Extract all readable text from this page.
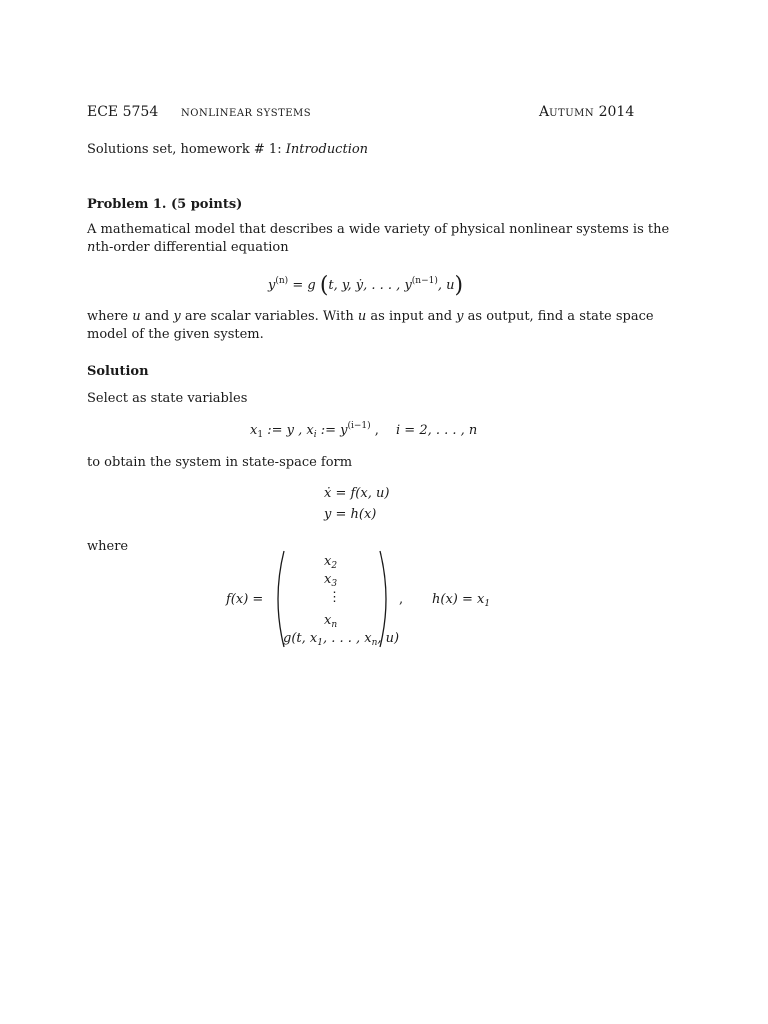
ECE 5754 NONLINEAR SYSTEMS	AUTUMN 2014
Solutions set, homework # 1: Introduction
Problem 1. (5 points)
A mathematical model that describes a wide variety of physical nonlinear systems is the
nth-order differential equation
$y^{(n)} = g$ (t, y, ẏ, . . . , $y^{(n-1)}$, u)
where u and y are scalar variables. With u as input and y as output, find a state space
model of the given system.
Solution
Select as state variables
$x_1$ := y , $x_i$ := $y^{(i-1)}$ , i = 2, . . . , n
to obtain the system in state-space form
ẋ = f(x, u)
y = h(x)
where
f(x) =
$x_2$
$x_3$
⋮
$x_n$
g(t, $x_1$, . . . , $x_n$, u)
, $h(x) = x_1$
